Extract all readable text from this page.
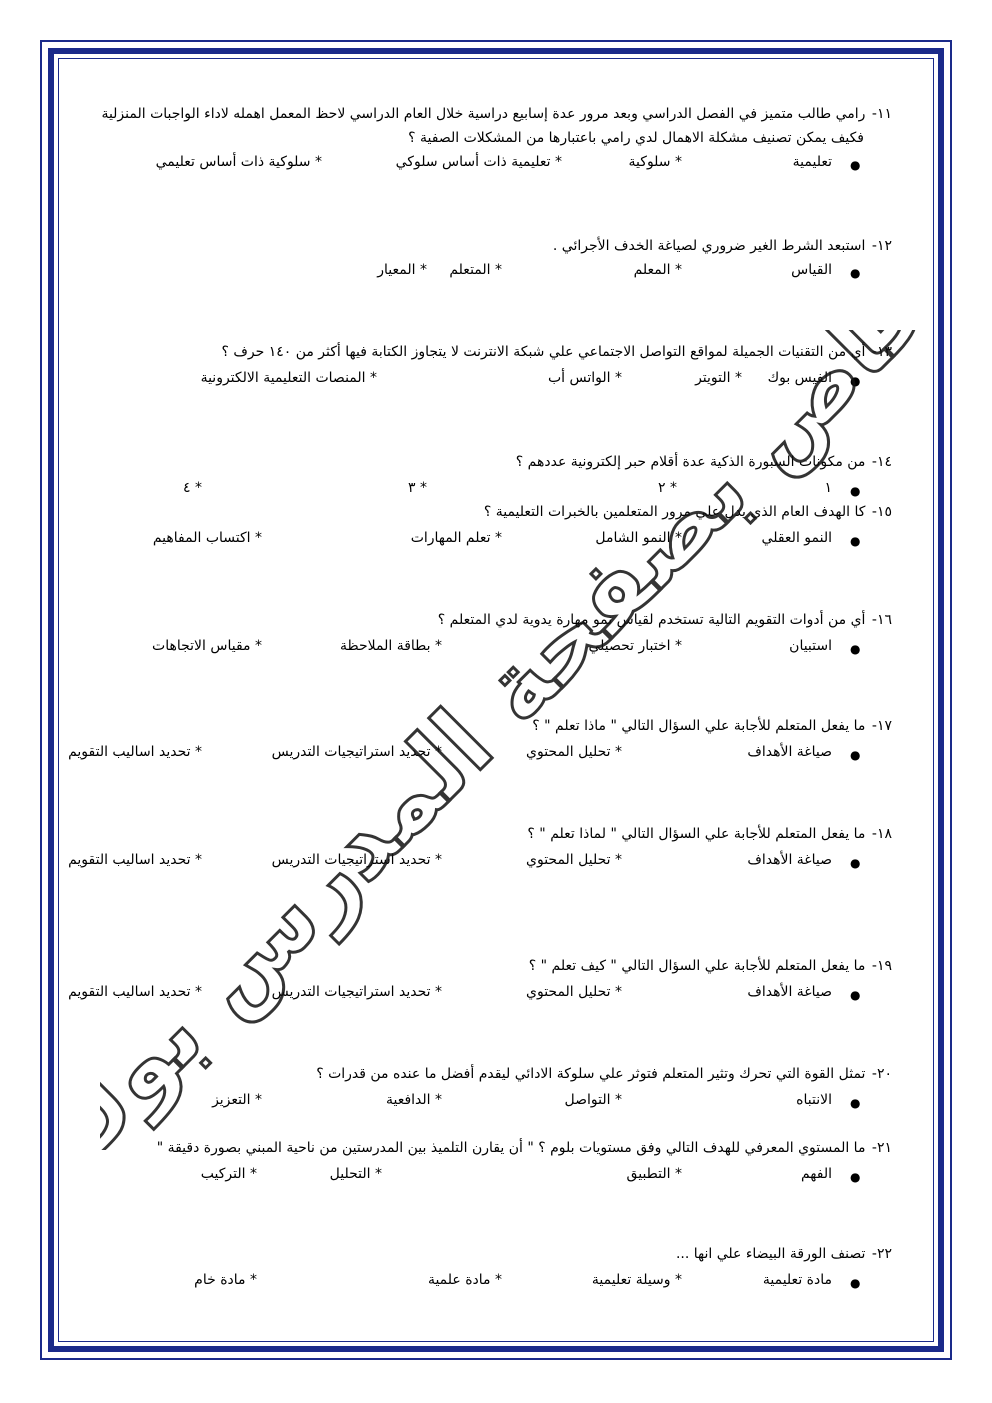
١١- رامي طالب متميز في الفصل الدراسي وبعد مرور عدة إسابيع دراسية خلال العام الدراسي لاحظ المعمل اهمله لاداء الواجبات المنزلية
فكيف يمكن تصنيف مشكلة الاهمال لدي رامي باعتبارها من المشكلات الصفية ؟
●
تعليمية
* سلوكية
* تعليمية ذات أساس سلوكي
* سلوكية ذات أساس تعليمي
١٢- استبعد الشرط الغير ضروري لصياغة الخدف الأجرائي .
●
القياس
* المعلم
* المتعلم
* المعيار
١٣- أي من التقنيات الجميلة لمواقع التواصل الاجتماعي علي شبكة الانترنت لا يتجاوز الكتابة فيها أكثر من ١٤٠ حرف ؟
●
الفيس بوك
* التويتر
* الواتس أب
* المنصات التعليمية الالكترونية
١٤- من مكونات السبورة الذكية عدة أقلام حبر إلكترونية عددهم ؟
●
١
* ٢
* ٣
* ٤
١٥- كا الهدف العام الذي يدل علي مرور المتعلمين بالخبرات التعليمية ؟
●
النمو العقلي
* النمو الشامل
* تعلم المهارات
* اكتساب المفاهيم
١٦- أي من أدوات التقويم التالية تستخدم لقياس نمو مهارة يدوية لدي المتعلم ؟
●
استبيان
* اختبار تحصيلي
* بطاقة الملاحظة
* مقياس الاتجاهات
١٧- ما يفعل المتعلم للأجابة علي السؤال التالي " ماذا تعلم " ؟
●
صياغة الأهداف
* تحليل المحتوي
* تحديد استراتيجيات التدريس
* تحديد اساليب التقويم
١٨- ما يفعل المتعلم للأجابة علي السؤال التالي " لماذا تعلم " ؟
●
صياغة الأهداف
* تحليل المحتوي
* تحديد استراتيجيات التدريس
* تحديد اساليب التقويم
١٩- ما يفعل المتعلم للأجابة علي السؤال التالي " كيف تعلم " ؟
●
صياغة الأهداف
* تحليل المحتوي
* تحديد استراتيجيات التدريس
* تحديد اساليب التقويم
٢٠- تمثل القوة التي تحرك وتثير المتعلم فتوثر علي سلوكة الادائي ليقدم أفضل ما عنده من قدرات ؟
●
الانتباه
* التواصل
* الدافعية
* التعزيز
٢١- ما المستوي المعرفي للهدف التالي وفق مستويات بلوم ؟ " أن يقارن التلميذ بين المدرستين من ناحية المبني بصورة دقيقة "
●
الفهم
* التطبيق
* التحليل
* التركيب
٢٢- تصنف الورقة البيضاء علي انها ...
●
مادة تعليمية
* وسيلة تعليمية
* مادة علمية
* مادة خام
خاص بصفحة المدرس بوك
